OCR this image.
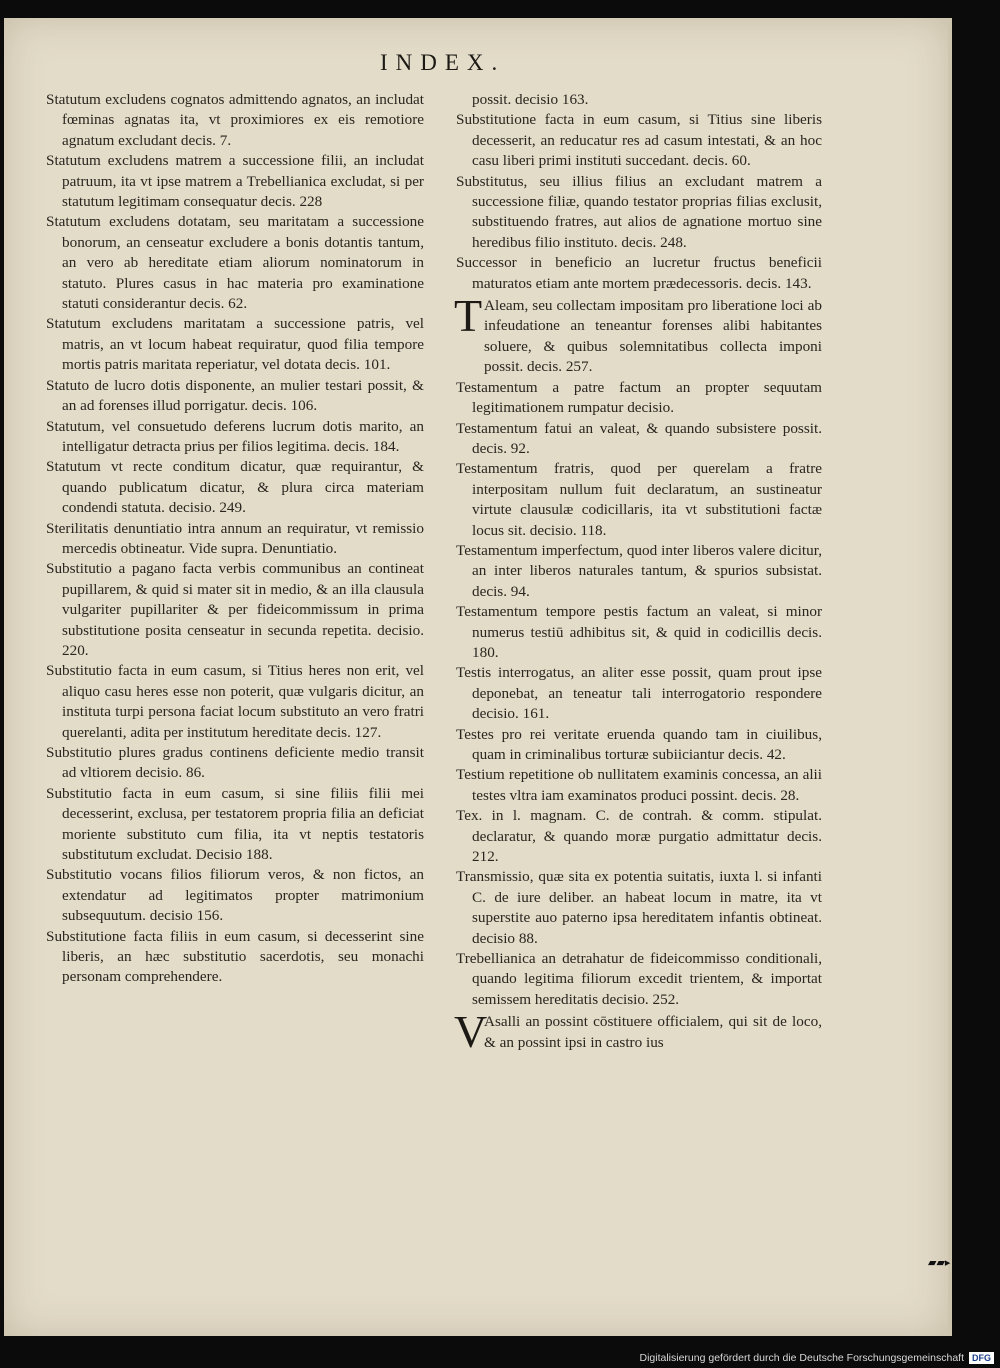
INDEX.
Statutum excludens cognatos admittendo agnatos, an includat fœminas agnatas ita, vt proximiores ex eis remotiore agnatum excludant decis. 7.
Statutum excludens matrem a successione filii, an includat patruum, ita vt ipse matrem a Trebellianica excludat, si per statutum legitimam consequatur decis. 228
Statutum excludens dotatam, seu maritatam a successione bonorum, an censeatur excludere a bonis dotantis tantum, an vero ab hereditate etiam aliorum nominatorum in statuto. Plures casus in hac materia pro examinatione statuti considerantur decis. 62.
Statutum excludens maritatam a successione patris, vel matris, an vt locum habeat requiratur, quod filia tempore mortis patris maritata reperiatur, vel dotata decis. 101.
Statuto de lucro dotis disponente, an mulier testari possit, & an ad forenses illud porrigatur. decis. 106.
Statutum, vel consuetudo deferens lucrum dotis marito, an intelligatur detracta prius per filios legitima. decis. 184.
Statutum vt recte conditum dicatur, quæ requirantur, & quando publicatum dicatur, & plura circa materiam condendi statuta. decisio. 249.
Sterilitatis denuntiatio intra annum an requiratur, vt remissio mercedis obtineatur. Vide supra. Denuntiatio.
Substitutio a pagano facta verbis communibus an contineat pupillarem, & quid si mater sit in medio, & an illa clausula vulgariter pupillariter & per fideicommissum in prima substitutione posita censeatur in secunda repetita. decisio. 220.
Substitutio facta in eum casum, si Titius heres non erit, vel aliquo casu heres esse non poterit, quæ vulgaris dicitur, an instituta turpi persona faciat locum substituto an vero fratri querelanti, adita per institutum hereditate decis. 127.
Substitutio plures gradus continens deficiente medio transit ad vltiorem decisio. 86.
Substitutio facta in eum casum, si sine filiis filii mei decesserint, exclusa, per testatorem propria filia an deficiat moriente substituto cum filia, ita vt neptis testatoris substitutum excludat. Decisio 188.
Substitutio vocans filios filiorum veros, & non fictos, an extendatur ad legitimatos propter matrimonium subsequutum. decisio 156.
Substitutione facta filiis in eum casum, si decesserint sine liberis, an hæc substitutio sacerdotis, seu monachi personam comprehendere.
possit. decisio 163.
Substitutione facta in eum casum, si Titius sine liberis decesserit, an reducatur res ad casum intestati, & an hoc casu liberi primi instituti succedant. decis. 60.
Substitutus, seu illius filius an excludant matrem a successione filiæ, quando testator proprias filias exclusit, substituendo fratres, aut alios de agnatione mortuo sine heredibus filio instituto. decis. 248.
Successor in beneficio an lucretur fructus beneficii maturatos etiam ante mortem prædecessoris. decis. 143.
T Aleam, seu collectam impositam pro liberatione loci ab infeudatione an teneantur forenses alibi habitantes soluere, & quibus solemnitatibus collecta imponi possit. decis. 257.
Testamentum a patre factum an propter sequutam legitimationem rumpatur decisio.
Testamentum fatui an valeat, & quando subsistere possit. decis. 92.
Testamentum fratris, quod per querelam a fratre interpositam nullum fuit declaratum, an sustineatur virtute clausulæ codicillaris, ita vt substitutioni factæ locus sit. decisio. 118.
Testamentum imperfectum, quod inter liberos valere dicitur, an inter liberos naturales tantum, & spurios subsistat. decis. 94.
Testamentum tempore pestis factum an valeat, si minor numerus testiū adhibitus sit, & quid in codicillis decis. 180.
Testis interrogatus, an aliter esse possit, quam prout ipse deponebat, an teneatur tali interrogatorio respondere decisio. 161.
Testes pro rei veritate eruenda quando tam in ciuilibus, quam in criminalibus torturæ subiiciantur decis. 42.
Testium repetitione ob nullitatem examinis concessa, an alii testes vltra iam examinatos produci possint. decis. 28.
Tex. in l. magnam. C. de contrah. & comm. stipulat. declaratur, & quando moræ purgatio admittatur decis. 212.
Transmissio, quæ sita ex potentia suitatis, iuxta l. si infanti C. de iure deliber. an habeat locum in matre, ita vt superstite auo paterno ipsa hereditatem infantis obtineat. decisio 88.
Trebellianica an detrahatur de fideicommisso conditionali, quando legitima filiorum excedit trientem, & importat semissem hereditatis decisio. 252.
V
Asalli an possint cōstituere officialem, qui sit de loco, & an possint ipsi in castro ius
▰▰▸
Digitalisierung gefördert durch die Deutsche Forschungsgemeinschaft DFG
